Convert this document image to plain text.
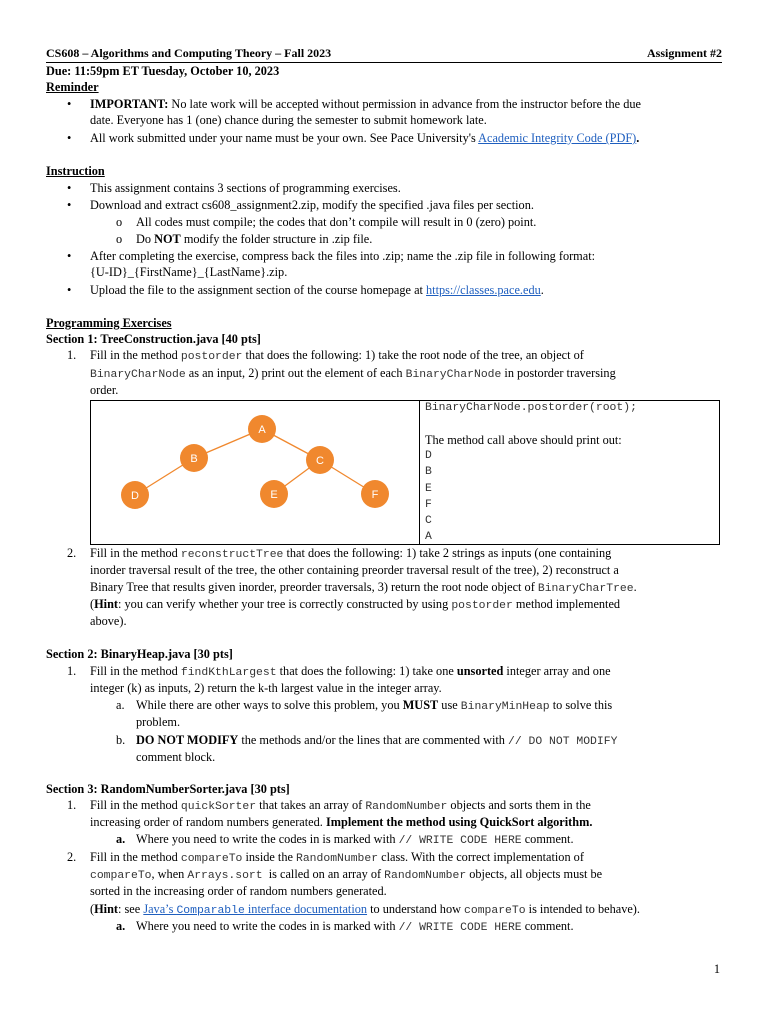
CS608 – Algorithms and Computing Theory – Fall 2023	Assignment #2
Due: 11:59pm ET Tuesday, October 10, 2023
Reminder
• IMPORTANT: No late work will be accepted without permission in advance from the instructor before the due
date. Everyone has 1 (one) chance during the semester to submit homework late.
• All work submitted under your name must be your own. See Pace University's Academic Integrity Code (PDF).
Instruction
• This assignment contains 3 sections of programming exercises.
• Download and extract cs608_assignment2.zip, modify the specified .java files per section.
o All codes must compile; the codes that don’t compile will result in 0 (zero) point.
o Do NOT modify the folder structure in .zip file.
• After completing the exercise, compress back the files into .zip; name the .zip file in following format:
{U-ID}_{FirstName}_{LastName}.zip.
• Upload the file to the assignment section of the course homepage at https://classes.pace.edu.
Programming Exercises
Section 1: TreeConstruction.java [40 pts]
1. Fill in the method postorder that does the following: 1) take the root node of the tree, an object of
BinaryCharNode as an input, 2) print out the element of each BinaryCharNode in postorder traversing
order.
A
B	C
D	E	F
BinaryCharNode.postorder(root);
The method call above should print out:
D
B
E
F
C
A
2. Fill in the method reconstructTree that does the following: 1) take 2 strings as inputs (one containing
inorder traversal result of the tree, the other containing preorder traversal result of the tree), 2) reconstruct a
Binary Tree that results given inorder, preorder traversals, 3) return the root node object of BinaryCharTree.
(Hint: you can verify whether your tree is correctly constructed by using postorder method implemented
above).
Section 2: BinaryHeap.java [30 pts]
1. Fill in the method findKthLargest that does the following: 1) take one unsorted integer array and one
integer (k) as inputs, 2) return the k-th largest value in the integer array.
a. While there are other ways to solve this problem, you MUST use BinaryMinHeap to solve this
problem.
b. DO NOT MODIFY the methods and/or the lines that are commented with // DO NOT MODIFY
comment block.
Section 3: RandomNumberSorter.java [30 pts]
1. Fill in the method quickSorter that takes an array of RandomNumber objects and sorts them in the
increasing order of random numbers generated. Implement the method using QuickSort algorithm.
a. Where you need to write the codes in is marked with // WRITE CODE HERE comment.
2. Fill in the method compareTo inside the RandomNumber class. With the correct implementation of
compareTo, when Arrays.sort  is called on an array of RandomNumber objects, all objects must be
sorted in the increasing order of random numbers generated.
(Hint: see Java’s Comparable interface documentation to understand how compareTo is intended to behave).
a. Where you need to write the codes in is marked with // WRITE CODE HERE comment.
1
